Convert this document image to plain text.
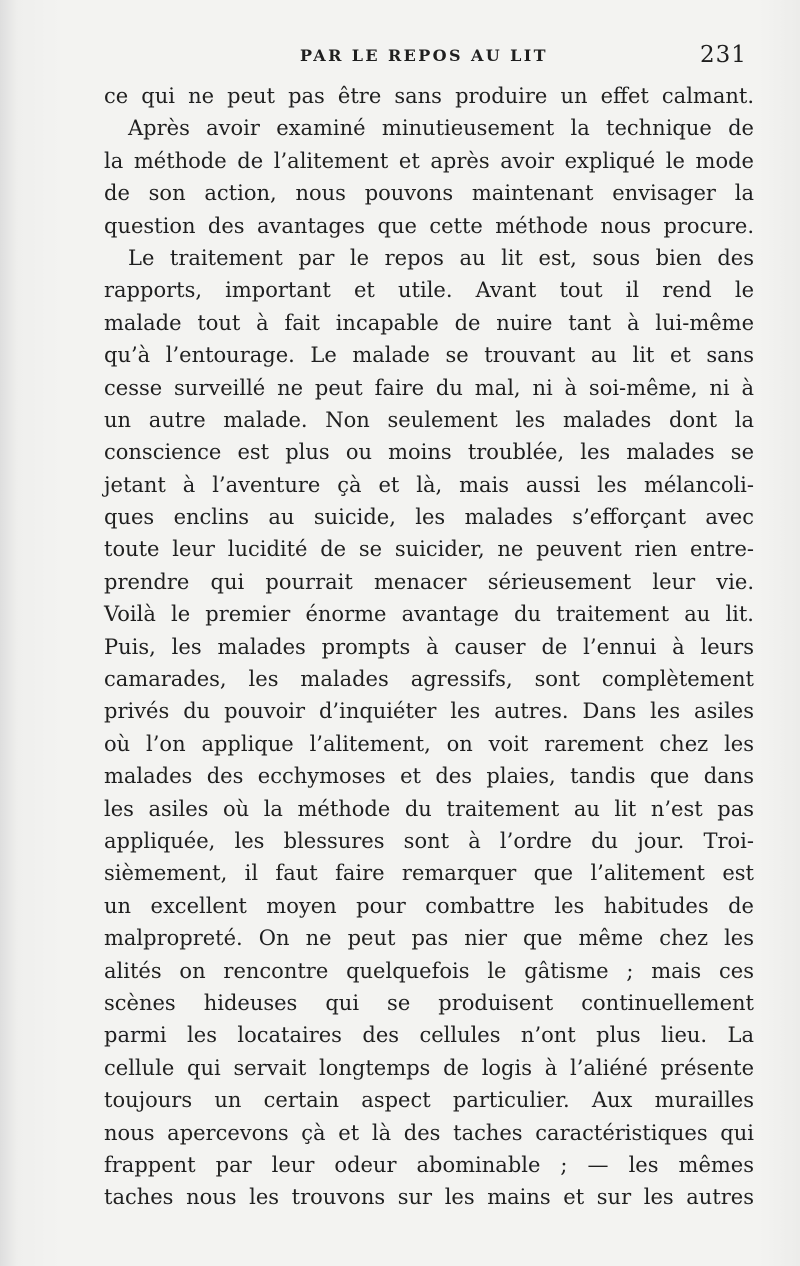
PAR LE REPOS AU LIT	231
ce qui ne peut pas être sans produire un effet calmant.
Après avoir examiné minutieusement la technique de
la méthode de l’alitement et après avoir expliqué le mode
de son action, nous pouvons maintenant envisager la
question des avantages que cette méthode nous procure.
Le traitement par le repos au lit est, sous bien des
rapports, important et utile. Avant tout il rend le
malade tout à fait incapable de nuire tant à lui-même
qu’à l’entourage. Le malade se trouvant au lit et sans
cesse surveillé ne peut faire du mal, ni à soi-même, ni à
un autre malade. Non seulement les malades dont la
conscience est plus ou moins troublée, les malades se
jetant à l’aventure çà et là, mais aussi les mélancoli-
ques enclins au suicide, les malades s’efforçant avec
toute leur lucidité de se suicider, ne peuvent rien entre-
prendre qui pourrait menacer sérieusement leur vie.
Voilà le premier énorme avantage du traitement au lit.
Puis, les malades prompts à causer de l’ennui à leurs
camarades, les malades agressifs, sont complètement
privés du pouvoir d’inquiéter les autres. Dans les asiles
où l’on applique l’alitement, on voit rarement chez les
malades des ecchymoses et des plaies, tandis que dans
les asiles où la méthode du traitement au lit n’est pas
appliquée, les blessures sont à l’ordre du jour. Troi-
sièmement, il faut faire remarquer que l’alitement est
un excellent moyen pour combattre les habitudes de
malpropreté. On ne peut pas nier que même chez les
alités on rencontre quelquefois le gâtisme ; mais ces
scènes hideuses qui se produisent continuellement
parmi les locataires des cellules n’ont plus lieu. La
cellule qui servait longtemps de logis à l’aliéné présente
toujours un certain aspect particulier. Aux murailles
nous apercevons çà et là des taches caractéristiques qui
frappent par leur odeur abominable ; — les mêmes
taches nous les trouvons sur les mains et sur les autres
